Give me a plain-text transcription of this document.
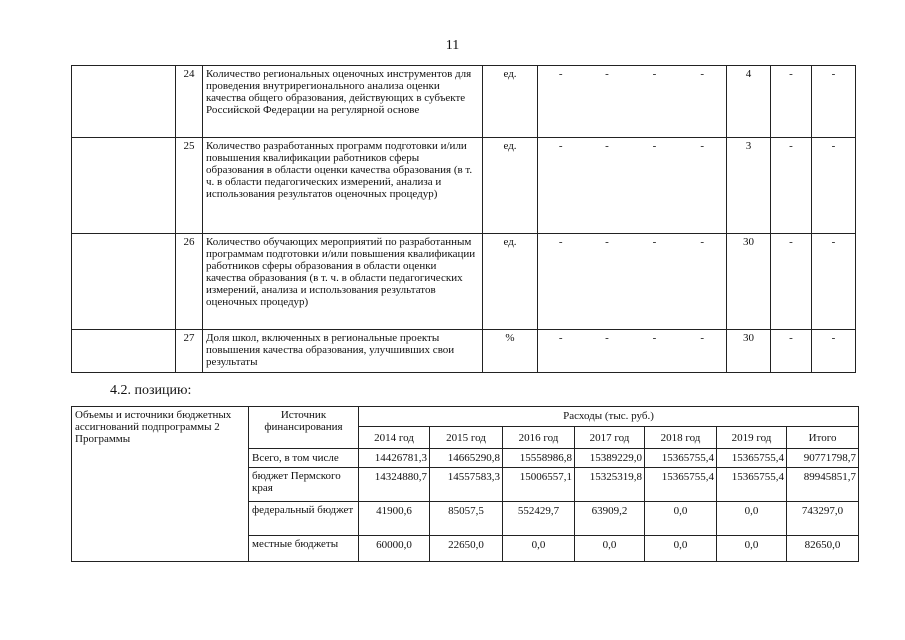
11
	24	Количество региональных оценочных инструментов для проведения внутрирегионального анализа оценки качества общего образования, действующих в субъекте Российской Федерации на регулярной основе	ед.	-	-	-	-	4	-	-
	25	Количество разработанных программ подготовки и/или повышения квалификации работников сферы образования в области оценки качества образования (в т. ч. в области педагогических измерений, анализа и использования результатов оценочных процедур)	ед.	-	-	-	-	3	-	-
	26	Количество обучающих мероприятий по разработанным программам подготовки и/или повышения квалификации работников сферы образования в области оценки качества образования (в т. ч. в области педагогических измерений, анализа и использования результатов оценочных процедур)	ед.	-	-	-	-	30	-	-
	27	Доля школ, включенных в региональные проекты повышения качества образования, улучшивших свои результаты	%	-	-	-	-	30	-	-
4.2. позицию:
Объемы и источники бюджетных ассигнований подпрограммы 2 Программы	Источник финансирования	Расходы (тыс. руб.)						
		2014 год	2015 год	2016 год	2017 год	2018 год	2019 год	Итого
	Всего, в том числе	14426781,3	14665290,8	15558986,8	15389229,0	15365755,4	15365755,4	90771798,7
	бюджет Пермского края	14324880,7	14557583,3	15006557,1	15325319,8	15365755,4	15365755,4	89945851,7
	федеральный бюджет	41900,6	85057,5	552429,7	63909,2	0,0	0,0	743297,0
	местные бюджеты	60000,0	22650,0	0,0	0,0	0,0	0,0	82650,0
